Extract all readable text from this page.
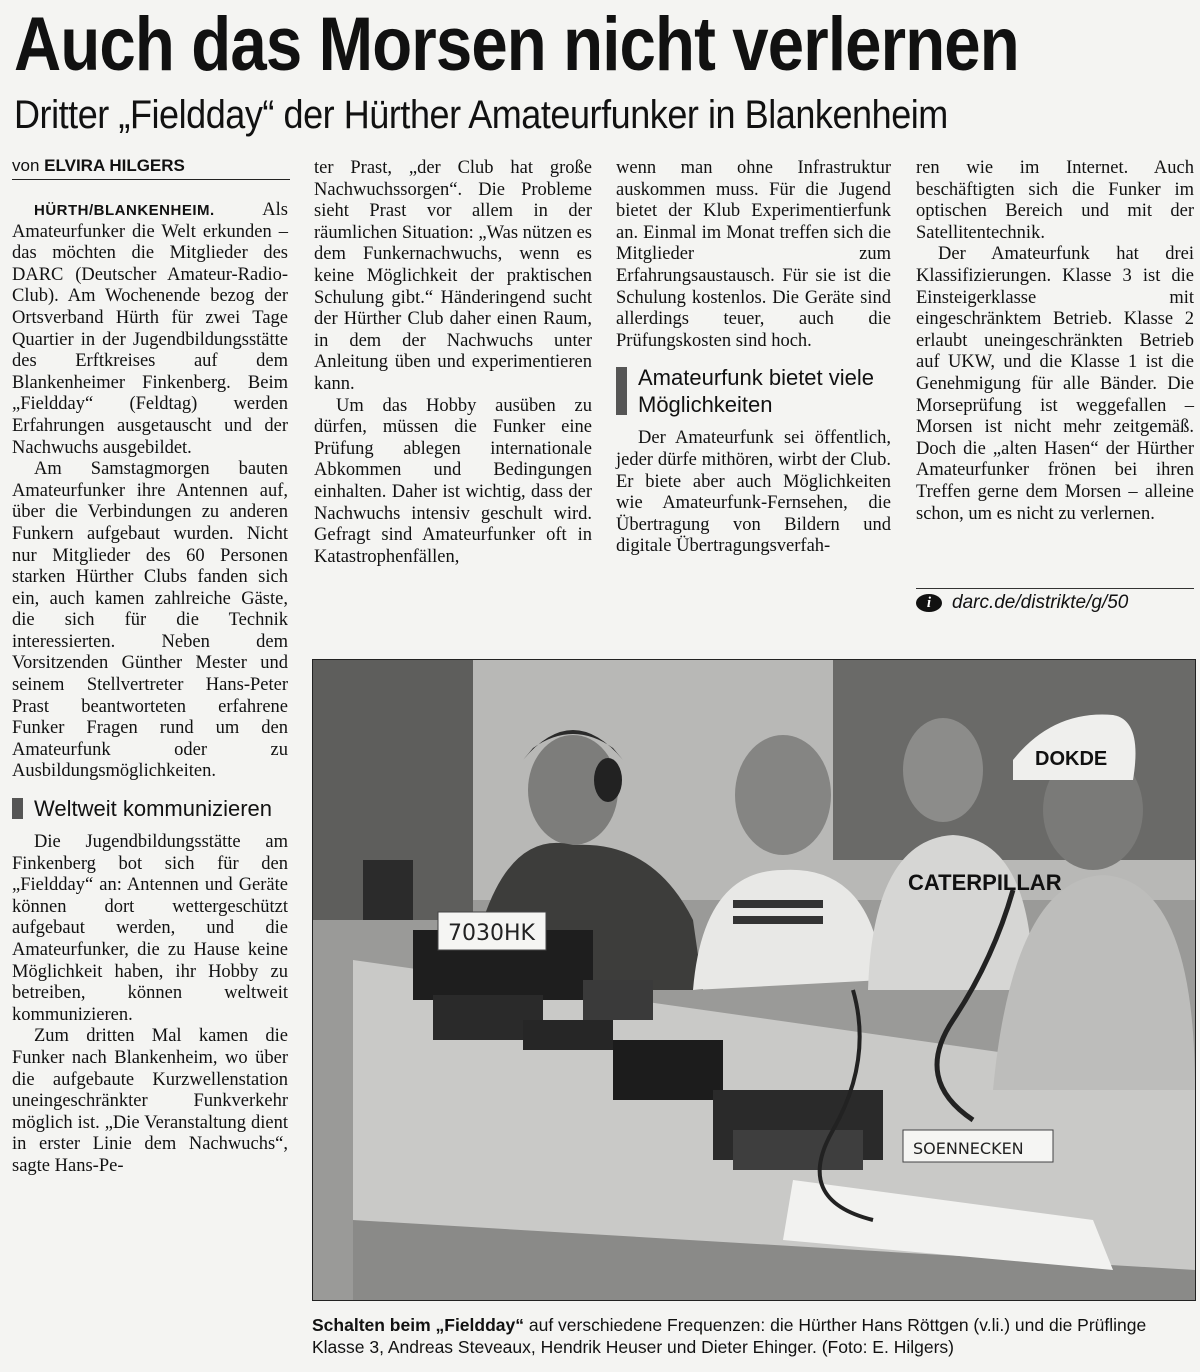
Auch das Morsen nicht verlernen
Dritter „Fieldday“ der Hürther Amateurfunker in Blankenheim
von ELVIRA HILGERS

HÜRTH/BLANKENHEIM.	Als Amateurfunker die Welt erkunden – das möchten die Mitglieder des DARC (Deutscher Amateur-Radio-Club). Am Wochenende bezog der Ortsverband Hürth für zwei Tage Quartier in der Jugendbildungsstätte des Erftkreises auf dem Blankenheimer Finkenberg. Beim „Fieldday“ (Feldtag) werden Erfahrungen ausgetauscht und der Nachwuchs ausgebildet.

Am Samstagmorgen bauten Amateurfunker ihre Antennen auf, über die Verbindungen zu anderen Funkern aufgebaut wurden. Nicht nur Mitglieder des 60 Personen starken Hürther Clubs fanden sich ein, auch kamen zahlreiche Gäste, die sich für die Technik interessierten. Neben dem Vorsitzenden Günther Mester und seinem Stellvertreter Hans-Peter Prast beantworteten erfahrene Funker Fragen rund um den Amateurfunk oder zu Ausbildungsmöglichkeiten.

Weltweit kommunizieren

Die Jugendbildungsstätte am Finkenberg bot sich für den „Fieldday“ an: Antennen und Geräte können dort wettergeschützt aufgebaut werden, und die Amateurfunker, die zu Hause keine Möglichkeit haben, ihr Hobby zu betreiben, können weltweit kommunizieren.

Zum dritten Mal kamen die Funker nach Blankenheim, wo über die aufgebaute Kurzwellenstation uneingeschränkter Funkverkehr möglich ist. „Die Veranstaltung dient in erster Linie dem Nachwuchs“, sagte Hans-Pe-

ter Prast, „der Club hat große Nachwuchssorgen“. Die Probleme sieht Prast vor allem in der räumlichen Situation: „Was nützen es dem Funkernachwuchs, wenn es keine Möglichkeit der praktischen Schulung gibt.“ Händeringend sucht der Hürther Club daher einen Raum, in dem der Nachwuchs unter Anleitung üben und experimentieren kann.

Um das Hobby ausüben zu dürfen, müssen die Funker eine Prüfung ablegen internationale Abkommen und Bedingungen einhalten. Daher ist wichtig, dass der Nachwuchs intensiv geschult wird. Gefragt sind Amateurfunker oft in Katastrophenfällen,

wenn man ohne Infrastruktur auskommen muss. Für die Jugend bietet der Klub Experimentierfunk an. Einmal im Monat treffen sich die Mitglieder zum Erfahrungsaustausch. Für sie ist die Schulung kostenlos. Die Geräte sind allerdings teuer, auch die Prüfungskosten sind hoch.

Amateurfunk bietet viele Möglichkeiten

Der Amateurfunk sei öffentlich, jeder dürfe mithören, wirbt der Club. Er biete aber auch Möglichkeiten wie Amateurfunk-Fernsehen, die Übertragung von Bildern und digitale Übertragungsverfah-

ren wie im Internet. Auch beschäftigten sich die Funker im optischen Bereich und mit der Satellitentechnik.

Der Amateurfunk hat drei Klassifizierungen. Klasse 3 ist die Einsteigerklasse mit eingeschränktem Betrieb. Klasse 2 erlaubt uneingeschränkten Betrieb auf UKW, und die Klasse 1 ist die Genehmigung für alle Bänder. Die Morseprüfung ist weggefallen – Morsen ist nicht mehr zeitgemäß. Doch die „alten Hasen“ der Hürther Amateurfunker frönen bei ihren Treffen gerne dem Morsen – alleine schon, um es nicht zu verlernen.

i	darc.de/distrikte/g/50
CATERPILLAR
DOKDE
7030HK
SOENNECKEN
Schalten beim „Fieldday“ auf verschiedene Frequenzen: die Hürther Hans Röttgen (v.li.) und die Prüflinge Klasse 3, Andreas Steveaux, Hendrik Heuser und Dieter Ehinger. (Foto: E. Hilgers)
